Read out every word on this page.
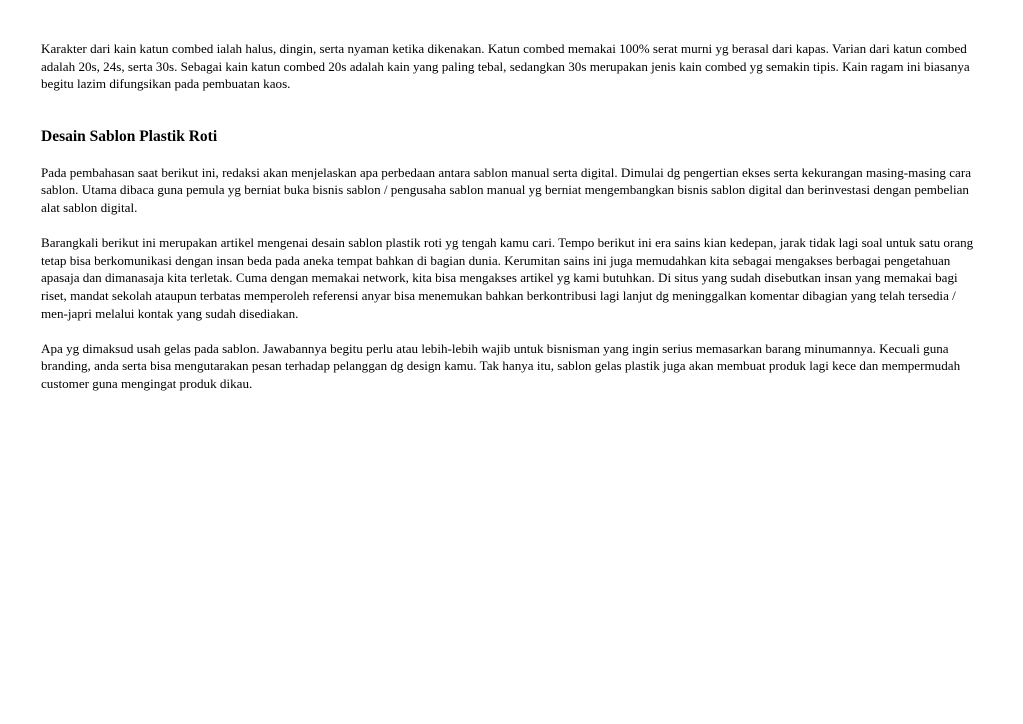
Karakter dari kain katun combed ialah halus, dingin, serta nyaman ketika dikenakan. Katun combed memakai 100% serat murni yg berasal dari kapas. Varian dari katun combed adalah 20s, 24s, serta 30s. Sebagai kain katun combed 20s adalah kain yang paling tebal, sedangkan 30s merupakan jenis kain combed yg semakin tipis. Kain ragam ini biasanya begitu lazim difungsikan pada pembuatan kaos.

Desain Sablon Plastik Roti

Pada pembahasan saat berikut ini, redaksi akan menjelaskan apa perbedaan antara sablon manual serta digital. Dimulai dg pengertian ekses serta kekurangan masing-masing cara sablon. Utama dibaca guna pemula yg berniat buka bisnis sablon / pengusaha sablon manual yg berniat mengembangkan bisnis sablon digital dan berinvestasi dengan pembelian alat sablon digital.

Barangkali berikut ini merupakan artikel mengenai desain sablon plastik roti yg tengah kamu cari. Tempo berikut ini era sains kian kedepan, jarak tidak lagi soal untuk satu orang tetap bisa berkomunikasi dengan insan beda pada aneka tempat bahkan di bagian dunia. Kerumitan sains ini juga memudahkan kita sebagai mengakses berbagai pengetahuan apasaja dan dimanasaja kita terletak. Cuma dengan memakai network, kita bisa mengakses artikel yg kami butuhkan. Di situs yang sudah disebutkan insan yang memakai bagi riset, mandat sekolah ataupun terbatas memperoleh referensi anyar bisa menemukan bahkan berkontribusi lagi lanjut dg meninggalkan komentar dibagian yang telah tersedia / men-japri melalui kontak yang sudah disediakan.

Apa yg dimaksud usah gelas pada sablon. Jawabannya begitu perlu atau lebih-lebih wajib untuk bisnisman yang ingin serius memasarkan barang minumannya. Kecuali guna branding, anda serta bisa mengutarakan pesan terhadap pelanggan dg design kamu. Tak hanya itu, sablon gelas plastik juga akan membuat produk lagi kece dan mempermudah customer guna mengingat produk dikau.
